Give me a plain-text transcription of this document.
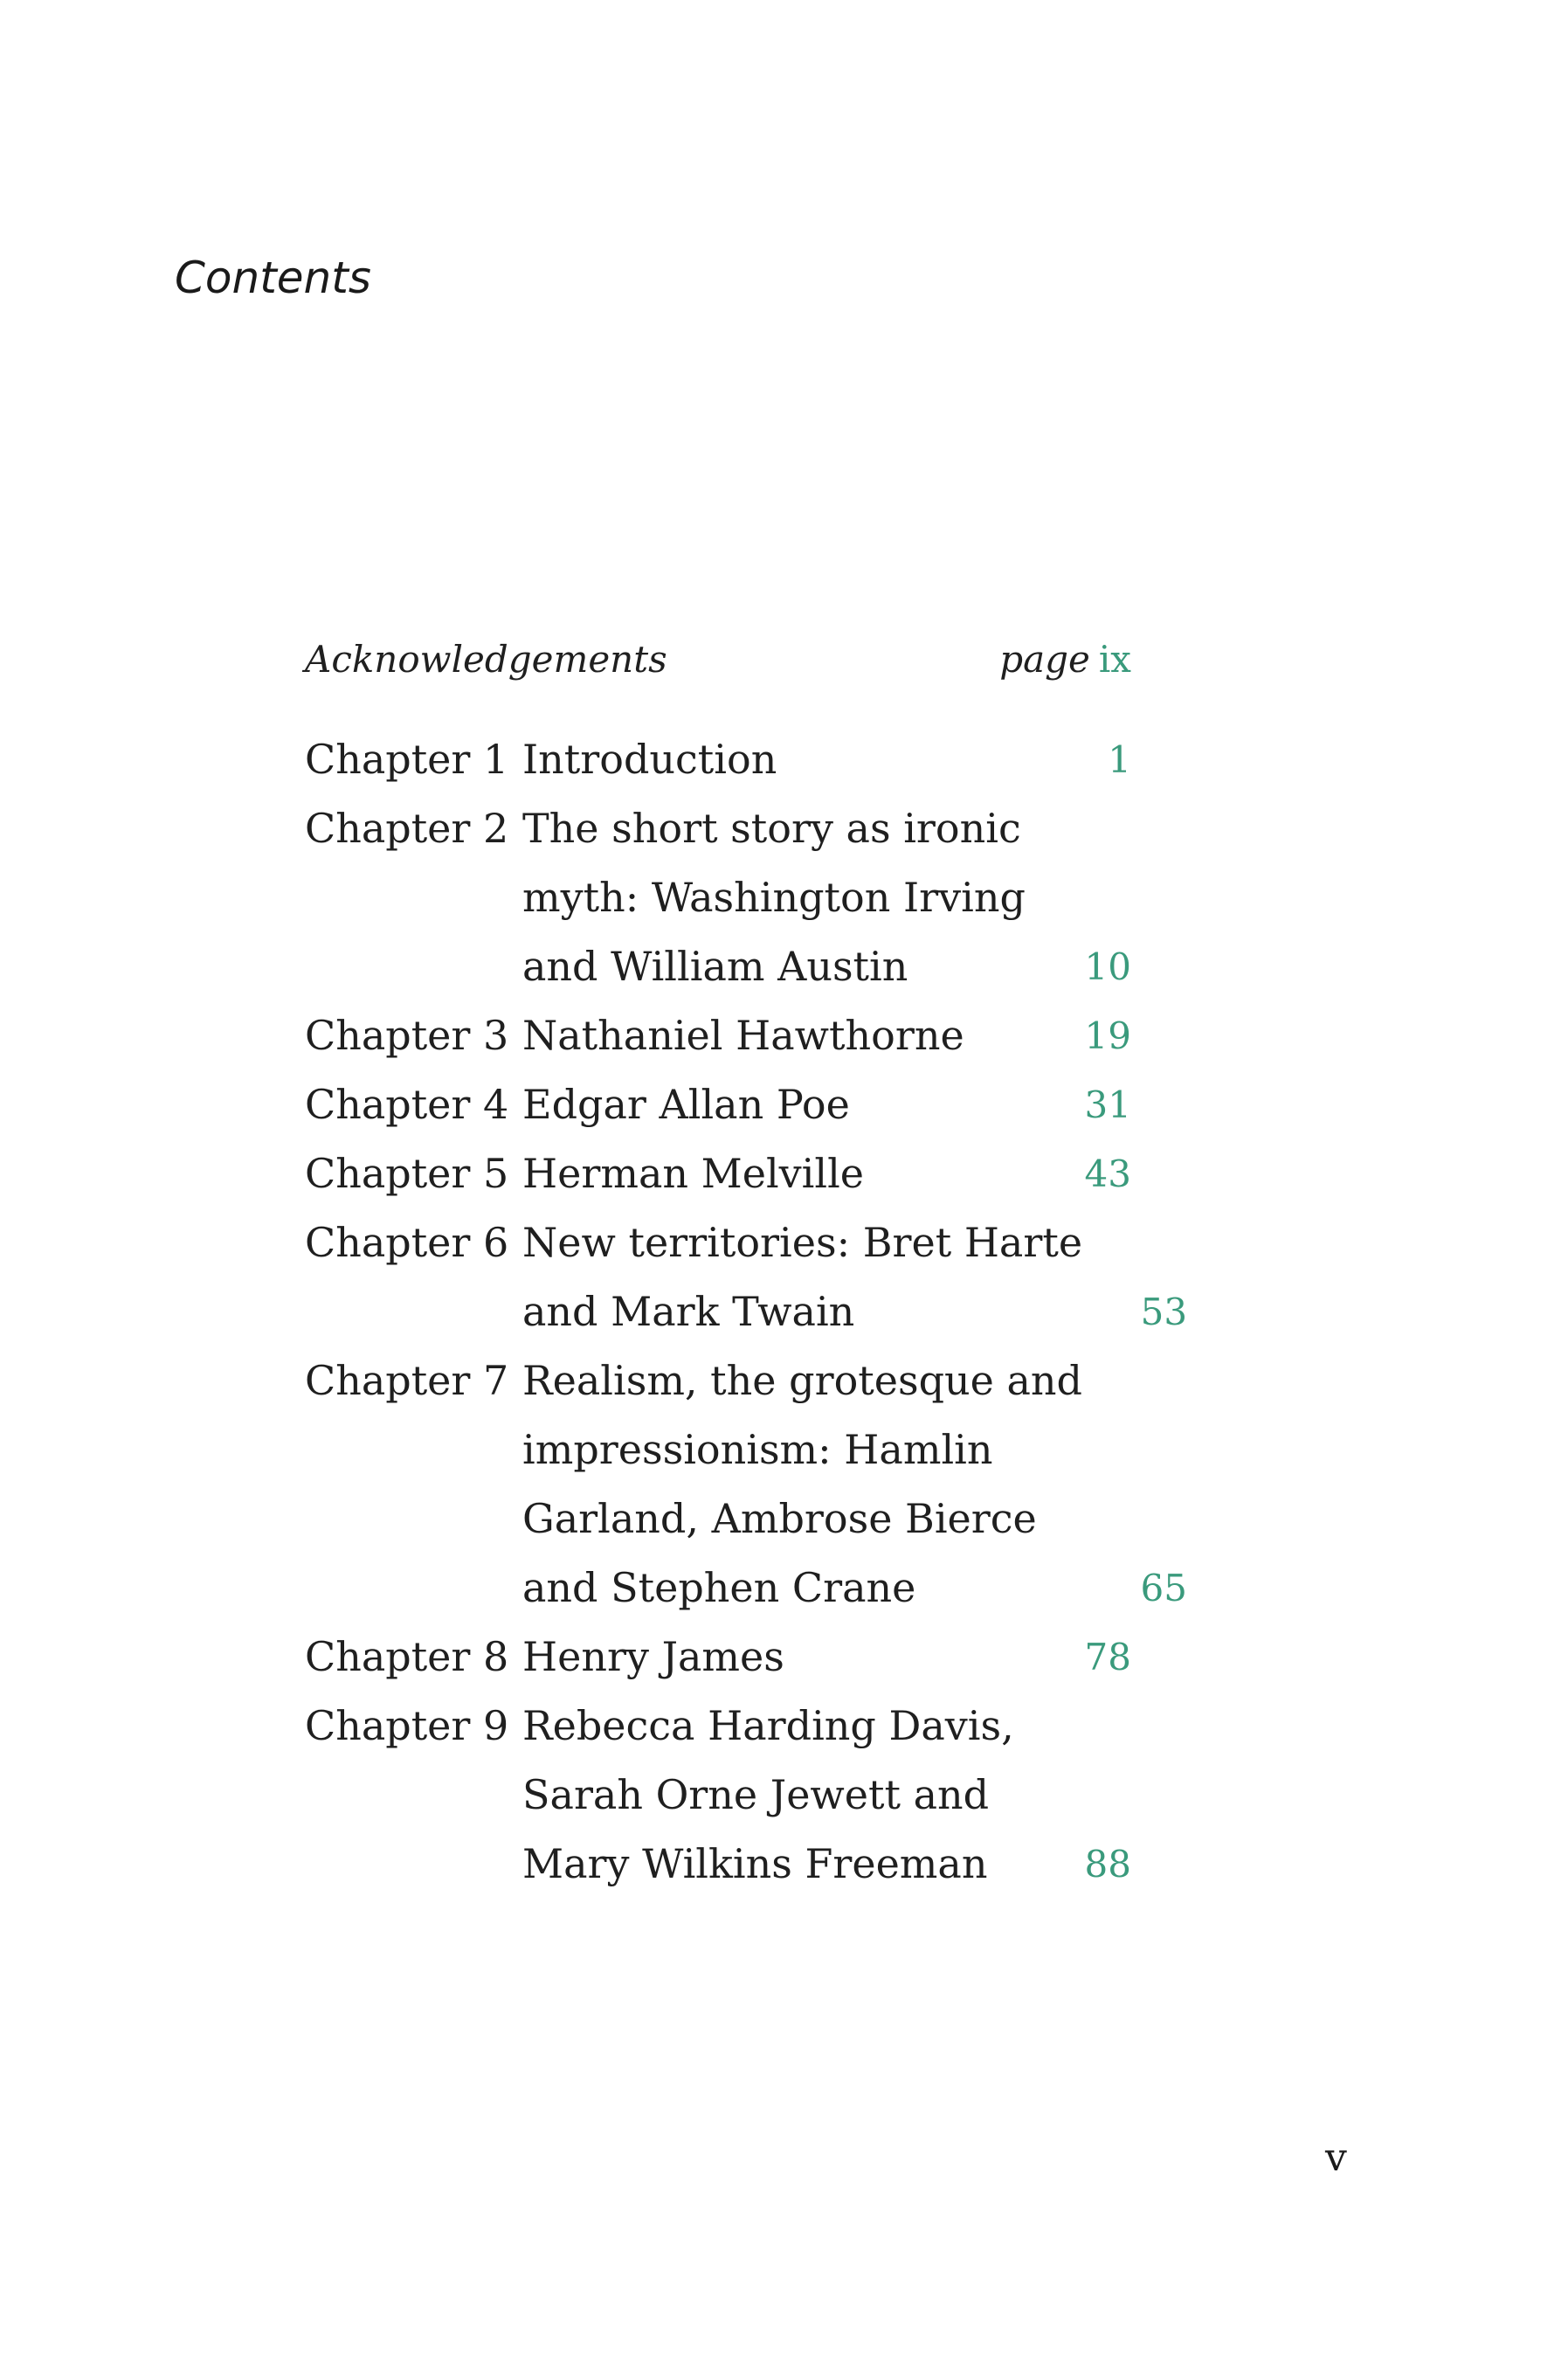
Contents
Acknowledgements	page ix
Chapter 1 Introduction	1
Chapter 2 The short story as ironic
myth: Washington Irving
and William Austin	10
Chapter 3 Nathaniel Hawthorne	19
Chapter 4 Edgar Allan Poe	31
Chapter 5 Herman Melville	43
Chapter 6 New territories: Bret Harte
and Mark Twain	53
Chapter 7 Realism, the grotesque and
impressionism: Hamlin
Garland, Ambrose Bierce
and Stephen Crane	65
Chapter 8 Henry James	78
Chapter 9 Rebecca Harding Davis,
Sarah Orne Jewett and
Mary Wilkins Freeman	88

v
